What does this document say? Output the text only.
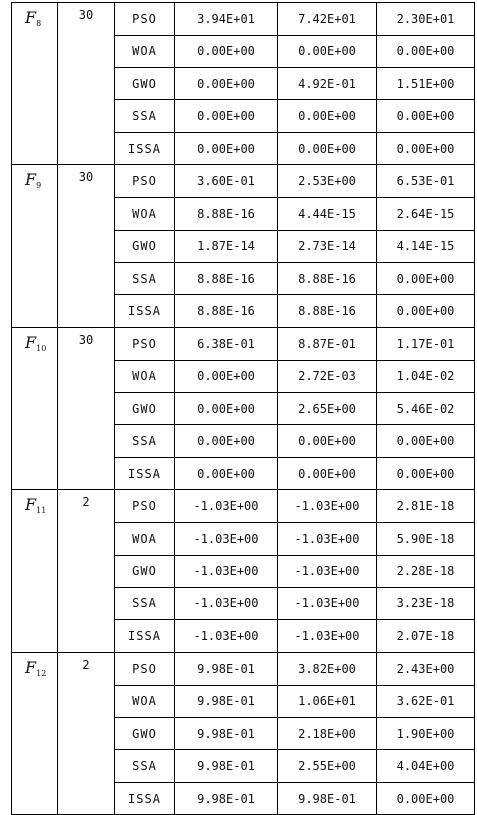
$F_8$	30	PSO	3.94E+01	7.42E+01	2.30E+01
		WOA	0.00E+00	0.00E+00	0.00E+00
		GWO	0.00E+00	4.92E-01	1.51E+00
		SSA	0.00E+00	0.00E+00	0.00E+00
		ISSA	0.00E+00	0.00E+00	0.00E+00
$F_9$	30	PSO	3.60E-01	2.53E+00	6.53E-01
		WOA	8.88E-16	4.44E-15	2.64E-15
		GWO	1.87E-14	2.73E-14	4.14E-15
		SSA	8.88E-16	8.88E-16	0.00E+00
		ISSA	8.88E-16	8.88E-16	0.00E+00
$F_{10}$	30	PSO	6.38E-01	8.87E-01	1.17E-01
		WOA	0.00E+00	2.72E-03	1.04E-02
		GWO	0.00E+00	2.65E+00	5.46E-02
		SSA	0.00E+00	0.00E+00	0.00E+00
		ISSA	0.00E+00	0.00E+00	0.00E+00
$F_{11}$	2	PSO	-1.03E+00	-1.03E+00	2.81E-18
		WOA	-1.03E+00	-1.03E+00	5.90E-18
		GWO	-1.03E+00	-1.03E+00	2.28E-18
		SSA	-1.03E+00	-1.03E+00	3.23E-18
		ISSA	-1.03E+00	-1.03E+00	2.07E-18
$F_{12}$	2	PSO	9.98E-01	3.82E+00	2.43E+00
		WOA	9.98E-01	1.06E+01	3.62E-01
		GWO	9.98E-01	2.18E+00	1.90E+00
		SSA	9.98E-01	2.55E+00	4.04E+00
		ISSA	9.98E-01	9.98E-01	0.00E+00
